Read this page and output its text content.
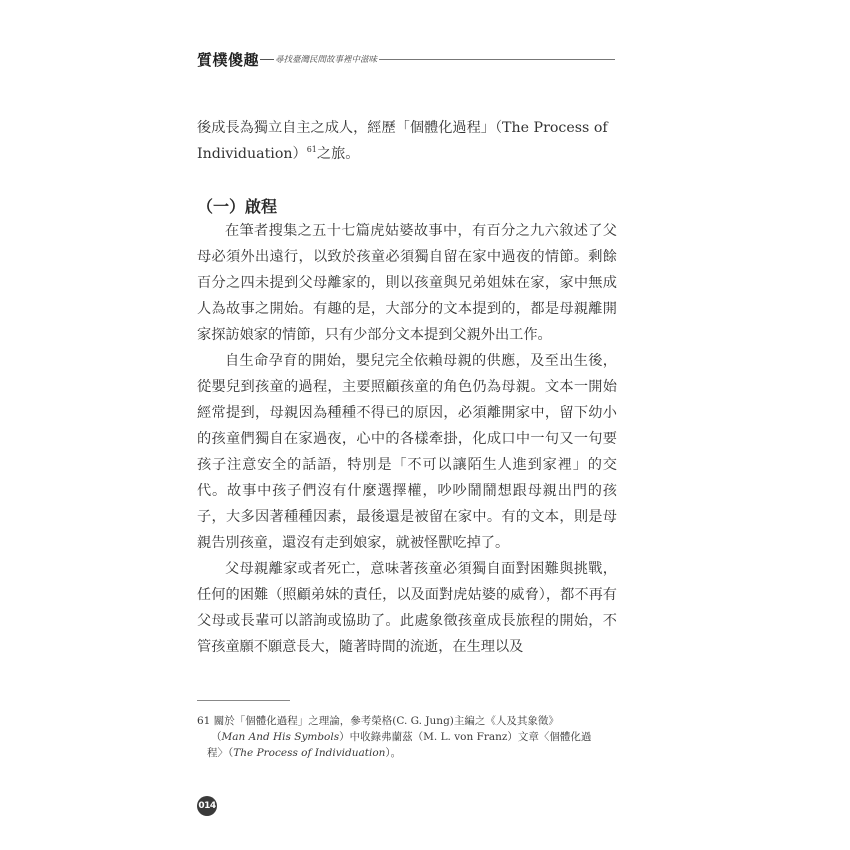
質樸傻趣 尋找臺灣民間故事裡中滋味

後成長為獨立自主之成人，經歷「個體化過程」（The Process of
Individuation）$^{61}$之旅。

（一）啟程

在筆者搜集之五十七篇虎姑婆故事中，有百分之九六敘述了父母必須外出遠行，以致於孩童必須獨自留在家中過夜的情節。剩餘百分之四未提到父母離家的，則以孩童與兄弟姐妹在家，家中無成人為故事之開始。有趣的是，大部分的文本提到的，都是母親離開家探訪娘家的情節，只有少部分文本提到父親外出工作。

自生命孕育的開始，嬰兒完全依賴母親的供應，及至出生後，從嬰兒到孩童的過程，主要照顧孩童的角色仍為母親。文本一開始經常提到，母親因為種種不得已的原因，必須離開家中，留下幼小的孩童們獨自在家過夜，心中的各樣牽掛，化成口中一句又一句要孩子注意安全的話語，特別是「不可以讓陌生人進到家裡」的交代。故事中孩子們沒有什麼選擇權，吵吵鬧鬧想跟母親出門的孩子，大多因著種種因素，最後還是被留在家中。有的文本，則是母親告別孩童，還沒有走到娘家，就被怪獸吃掉了。

父母親離家或者死亡，意味著孩童必須獨自面對困難與挑戰，任何的困難（照顧弟妹的責任，以及面對虎姑婆的威脅），都不再有父母或長輩可以諮詢或協助了。此處象徵孩童成長旅程的開始，不管孩童願不願意長大，隨著時間的流逝，在生理以及

61 關於「個體化過程」之理論，參考榮格(C. G. Jung)主編之《人及其象徵》
（Man And His Symbols）中收錄弗蘭茲（M. L. von Franz）文章〈個體化過
程〉（The Process of Individuation）。
014
